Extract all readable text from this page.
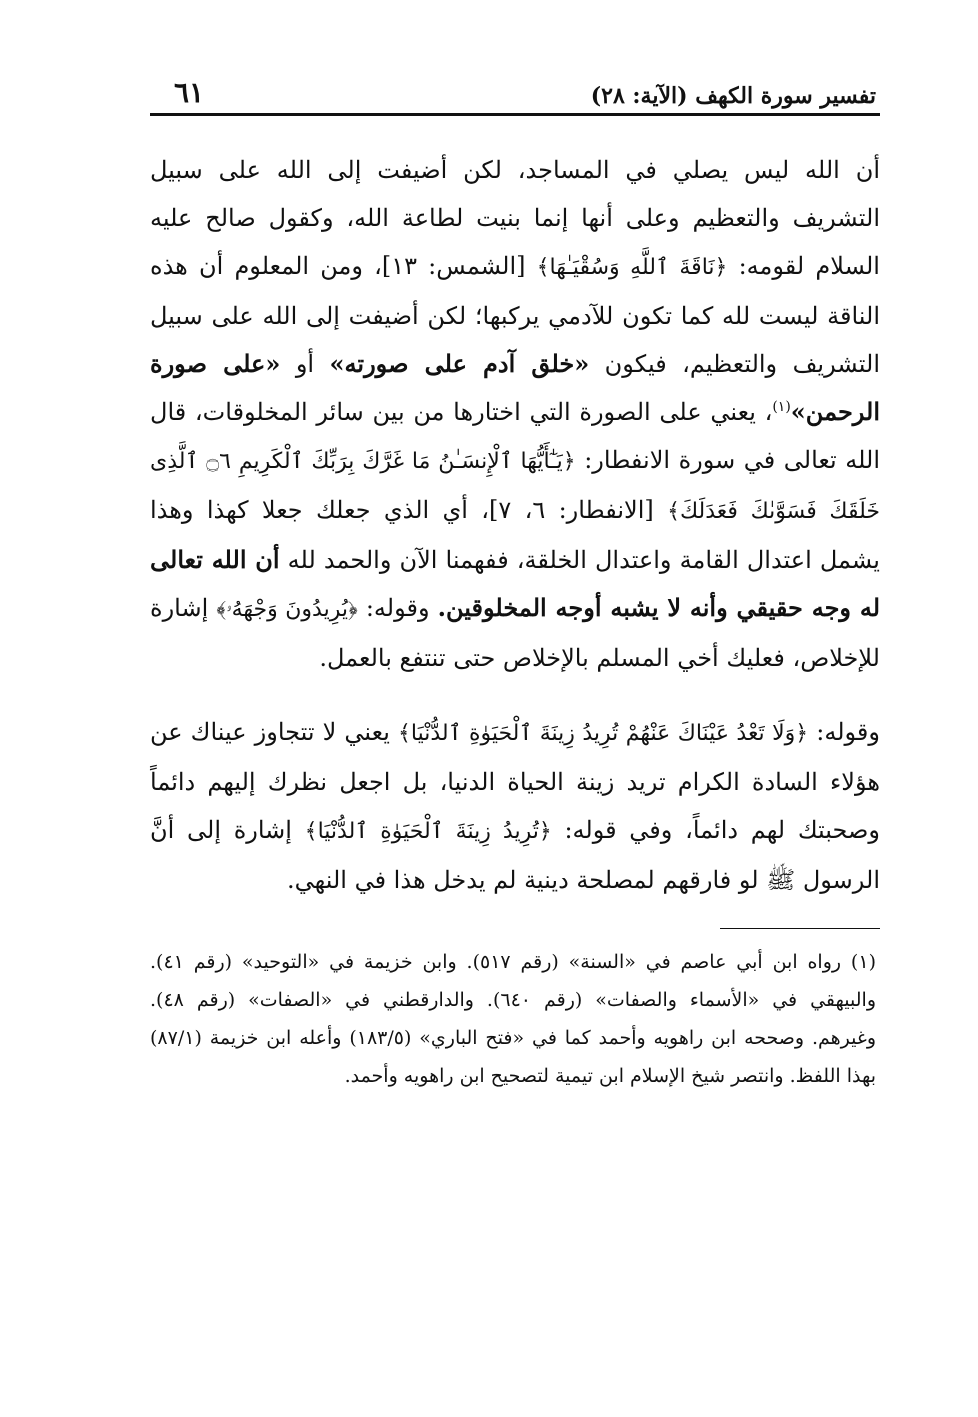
تفسير سورة الكهف (الآية: ٢٨)
٦١

أن الله ليس يصلي في المساجد، لكن أضيفت إلى الله على سبيل التشريف والتعظيم وعلى أنها إنما بنيت لطاعة الله، وكقول صالح عليه السلام لقومه: ﴿نَاقَةَ ٱللَّهِ وَسُقْيَـٰهَا﴾ [الشمس: ١٣]، ومن المعلوم أن هذه الناقة ليست لله كما تكون للآدمي يركبها؛ لكن أضيفت إلى الله على سبيل التشريف والتعظيم، فيكون «خلق آدم على صورته» أو «على صورة الرحمن»$^{(١)}$، يعني على الصورة التي اختارها من بين سائر المخلوقات، قال الله تعالى في سورة الانفطار: ﴿يَـٰٓأَيُّهَا ٱلْإِنسَـٰنُ مَا غَرَّكَ بِرَبِّكَ ٱلْكَرِيمِ ۝٦ ٱلَّذِى خَلَقَكَ فَسَوَّىٰكَ فَعَدَلَكَ﴾ [الانفطار: ٦، ٧]، أي الذي جعلك جعلا كهذا وهذا يشمل اعتدال القامة واعتدال الخلقة، ففهمنا الآن والحمد لله أن الله تعالى له وجه حقيقي وأنه لا يشبه أوجه المخلوقين. وقوله: ﴿يُرِيدُونَ وَجْهَهُۥ﴾ إشارة للإخلاص، فعليك أخي المسلم بالإخلاص حتى تنتفع بالعمل.

وقوله: ﴿وَلَا تَعْدُ عَيْنَاكَ عَنْهُمْ تُرِيدُ زِينَةَ ٱلْحَيَوٰةِ ٱلدُّنْيَا﴾ يعني لا تتجاوز عيناك عن هؤلاء السادة الكرام تريد زينة الحياة الدنيا، بل اجعل نظرك إليهم دائماً وصحبتك لهم دائماً، وفي قوله: ﴿تُرِيدُ زِينَةَ ٱلْحَيَوٰةِ ٱلدُّنْيَا﴾ إشارة إلى أنَّ الرسول ﷺ لو فارقهم لمصلحة دينية لم يدخل هذا في النهي.

(١) رواه ابن أبي عاصم في «السنة» (رقم ٥١٧). وابن خزيمة في «التوحيد» (رقم ٤١). والبيهقي في «الأسماء والصفات» (رقم ٦٤٠). والدارقطني في «الصفات» (رقم ٤٨). وغيرهم. وصححه ابن راهويه وأحمد كما في «فتح الباري» (١٨٣/٥) وأعله ابن خزيمة (٨٧/١) بهذا اللفظ. وانتصر شيخ الإسلام ابن تيمية لتصحيح ابن راهويه وأحمد.
